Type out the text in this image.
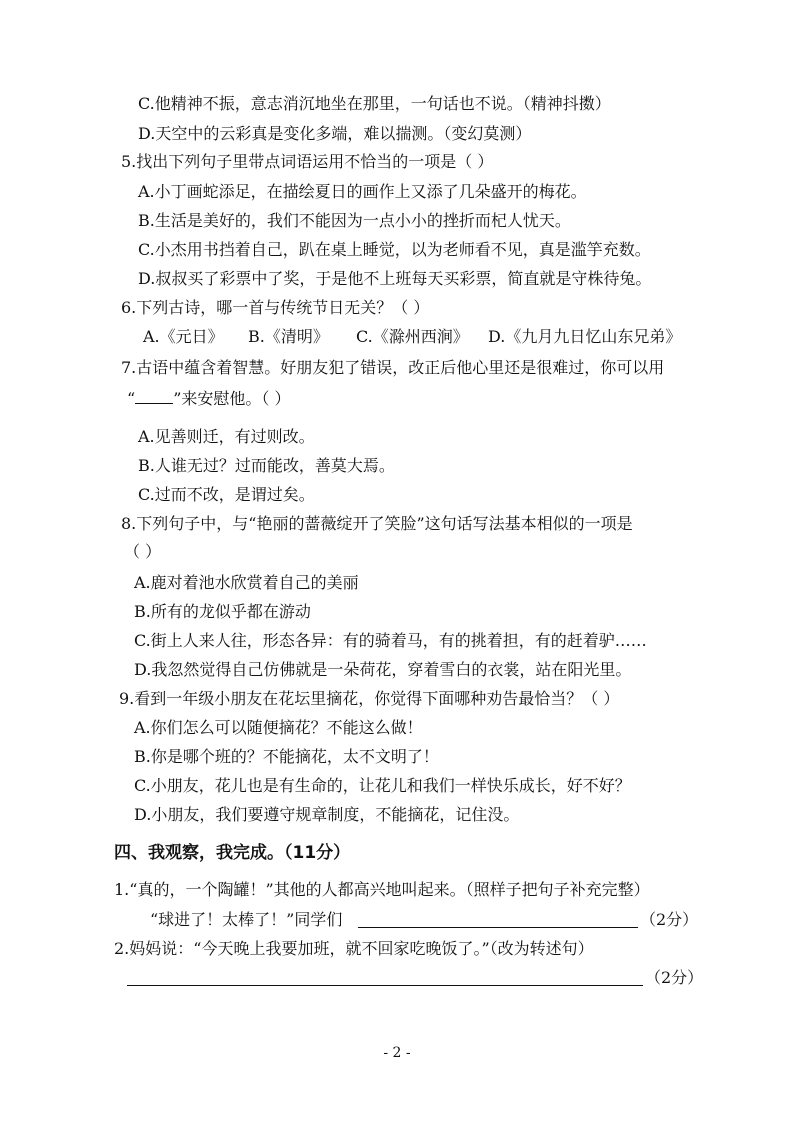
C.他精神不振，意志消沉地坐在那里，一句话也不说。（精神抖擞）
D.天空中的云彩真是变化多端，难以揣测。（变幻莫测）
5.找出下列句子里带点词语运用不恰当的一项是（ ）
A.小丁画蛇添足，在描绘夏日的画作上又添了几朵盛开的梅花。
B.生活是美好的，我们不能因为一点小小的挫折而杞人忧天。
C.小杰用书挡着自己，趴在桌上睡觉，以为老师看不见，真是滥竽充数。
D.叔叔买了彩票中了奖，于是他不上班每天买彩票，简直就是守株待兔。
6.下列古诗，哪一首与传统节日无关？（ ）
A.《元日》 B.《清明》 C.《滁州西涧》 D.《九月九日忆山东兄弟》
7.古语中蕴含着智慧。好朋友犯了错误，改正后他心里还是很难过，你可以用
“ ”来安慰他。（ ）
A.见善则迁，有过则改。
B.人谁无过？过而能改，善莫大焉。
C.过而不改，是谓过矣。
8.下列句子中，与“艳丽的蔷薇绽开了笑脸”这句话写法基本相似的一项是
（ ）
A.鹿对着池水欣赏着自己的美丽
B.所有的龙似乎都在游动
C.街上人来人往，形态各异：有的骑着马，有的挑着担，有的赶着驴……
D.我忽然觉得自己仿佛就是一朵荷花，穿着雪白的衣裳，站在阳光里。
9.看到一年级小朋友在花坛里摘花，你觉得下面哪种劝告最恰当？（ ）
A.你们怎么可以随便摘花？不能这么做！
B.你是哪个班的？不能摘花，太不文明了！
C.小朋友，花儿也是有生命的，让花儿和我们一样快乐成长，好不好？
D.小朋友，我们要遵守规章制度，不能摘花，记住没。
四、我观察，我完成。（11分）
1.“真的，一个陶罐！”其他的人都高兴地叫起来。（照样子把句子补充完整）
“球进了！太棒了！”同学们	（2分）
2.妈妈说：“今天晚上我要加班，就不回家吃晚饭了。”（改为转述句）
（2分）
- 2 -
